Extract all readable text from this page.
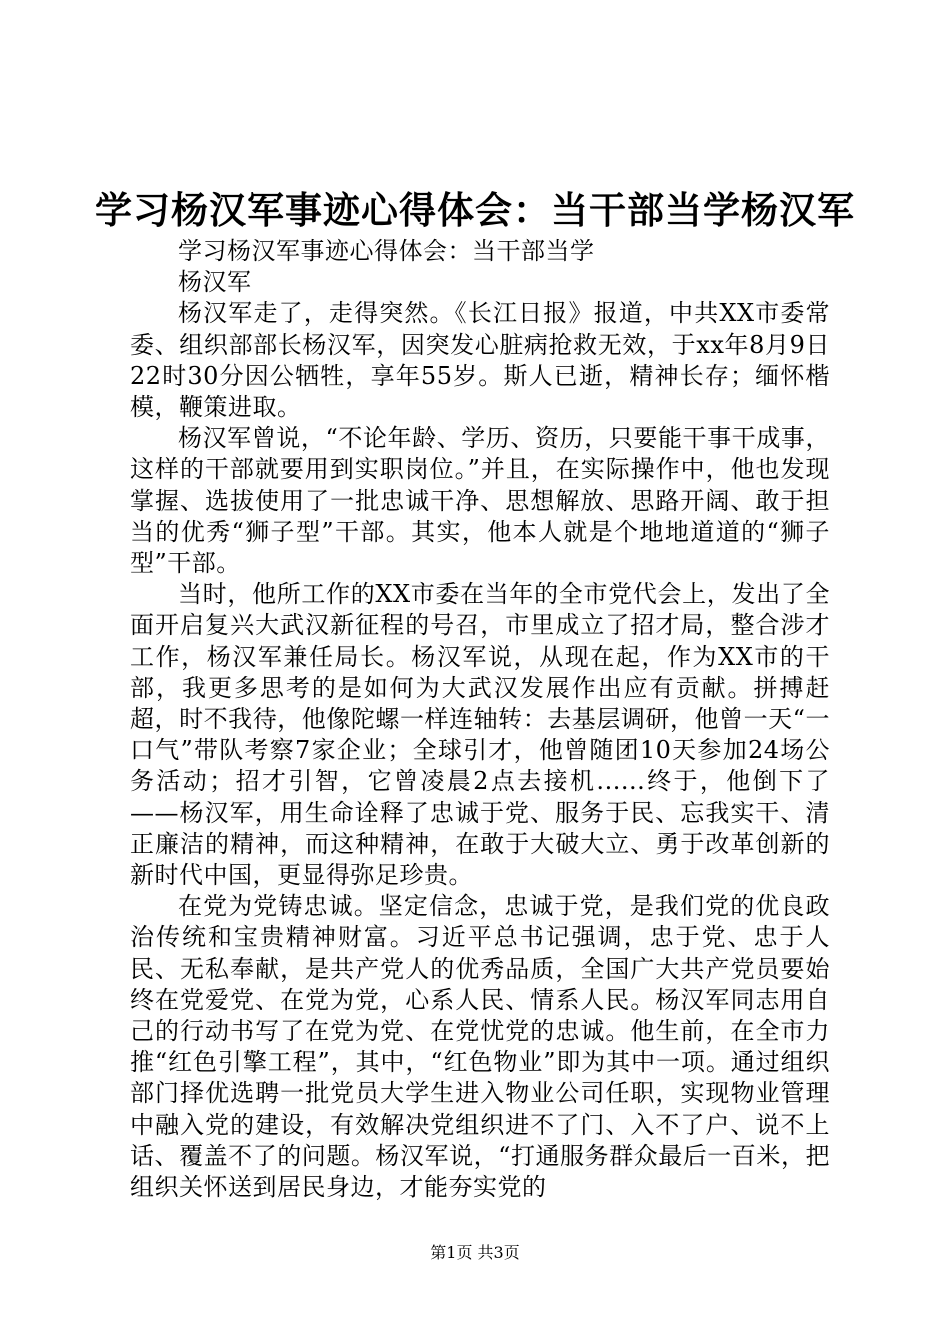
学习杨汉军事迹心得体会：当干部当学杨汉军

学习杨汉军事迹心得体会：当干部当学
杨汉军

杨汉军走了，走得突然。《长江日报》报道，中共XX市委常委、组织部部长杨汉军，因突发心脏病抢救无效，于xx年8月9日22时30分因公牺牲，享年55岁。斯人已逝，精神长存；缅怀楷模，鞭策进取。

杨汉军曾说，“不论年龄、学历、资历，只要能干事干成事，这样的干部就要用到实职岗位。”并且，在实际操作中，他也发现掌握、选拔使用了一批忠诚干净、思想解放、思路开阔、敢于担当的优秀“狮子型”干部。其实，他本人就是个地地道道的“狮子型”干部。

当时，他所工作的XX市委在当年的全市党代会上，发出了全面开启复兴大武汉新征程的号召，市里成立了招才局，整合涉才工作，杨汉军兼任局长。杨汉军说，从现在起，作为XX市的干部，我更多思考的是如何为大武汉发展作出应有贡献。拼搏赶超，时不我待，他像陀螺一样连轴转：去基层调研，他曾一天“一口气”带队考察7家企业；全球引才，他曾随团10天参加24场公务活动；招才引智，它曾凌晨2点去接机......终于，他倒下了——杨汉军，用生命诠释了忠诚于党、服务于民、忘我实干、清正廉洁的精神，而这种精神，在敢于大破大立、勇于改革创新的新时代中国，更显得弥足珍贵。

在党为党铸忠诚。坚定信念，忠诚于党，是我们党的优良政治传统和宝贵精神财富。习近平总书记强调，忠于党、忠于人民、无私奉献，是共产党人的优秀品质，全国广大共产党员要始终在党爱党、在党为党，心系人民、情系人民。杨汉军同志用自己的行动书写了在党为党、在党忧党的忠诚。他生前，在全市力推“红色引擎工程”，其中，“红色物业”即为其中一项。通过组织部门择优选聘一批党员大学生进入物业公司任职，实现物业管理中融入党的建设，有效解决党组织进不了门、入不了户、说不上话、覆盖不了的问题。杨汉军说，“打通服务群众最后一百米，把组织关怀送到居民身边，才能夯实党的

第1页 共3页
